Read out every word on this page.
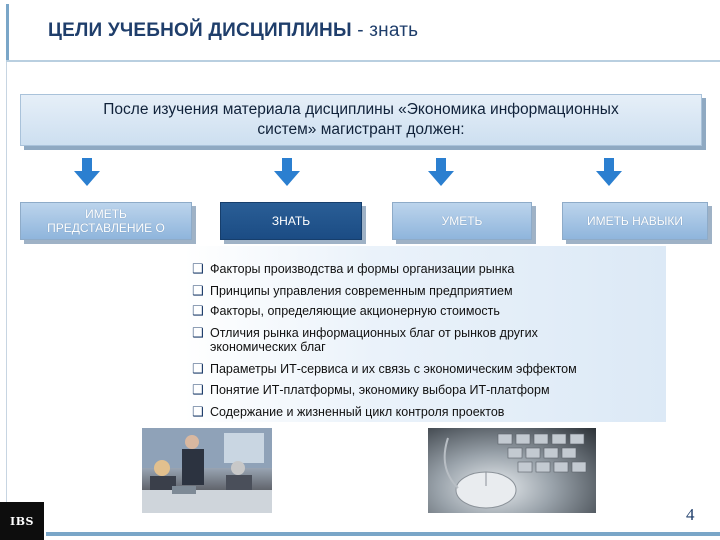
ЦЕЛИ УЧЕБНОЙ ДИСЦИПЛИНЫ - знать
После изучения материала дисциплины «Экономика информационных
систем» магистрант должен:
ИМЕТЬ
ПРЕДСТАВЛЕНИЕ О	ЗНАТЬ	УМЕТЬ	ИМЕТЬ НАВЫКИ
❑
Факторы производства и формы организации рынка
❑
Принципы управления современным предприятием
❑
Факторы, определяющие акционерную стоимость
❑
Отличия рынка информационных благ от рынков других
экономических благ
❑
Параметры ИТ-сервиса и их связь с экономическим эффектом
❑
Понятие ИТ-платформы, экономику выбора ИТ-платформ
❑
Содержание и жизненный цикл контроля проектов
IBS	4
